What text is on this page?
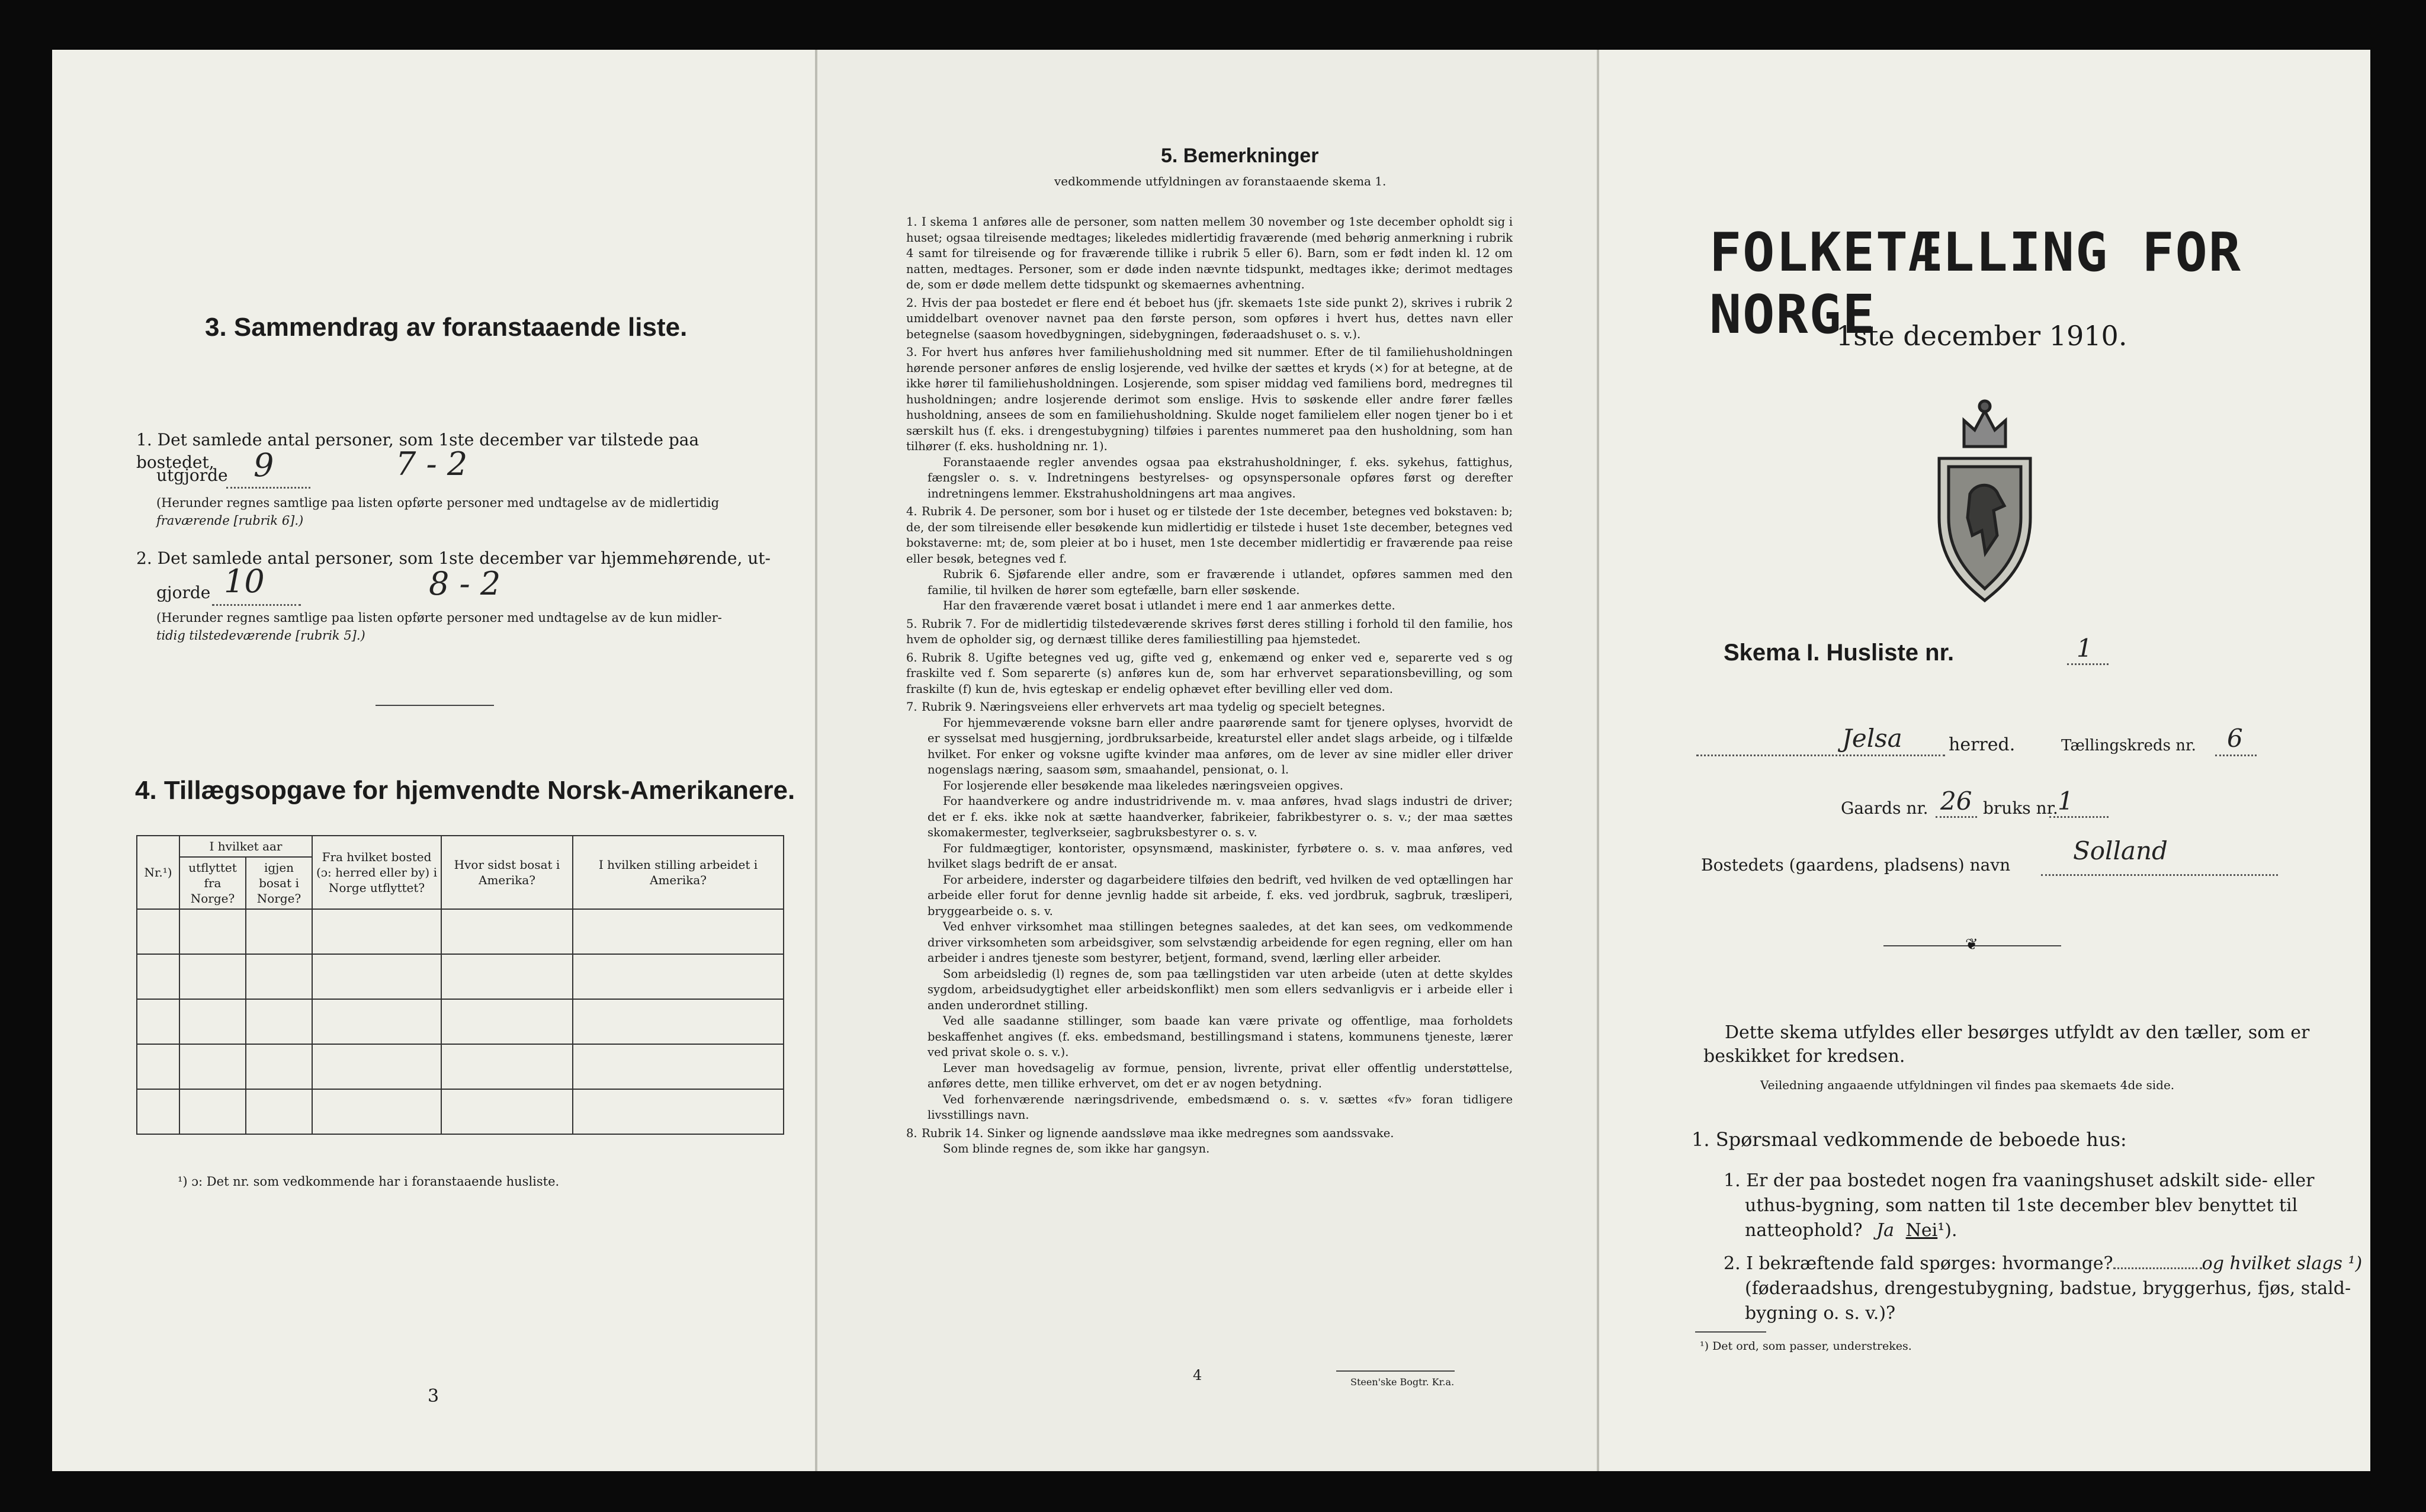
3. Sammendrag av foranstaaende liste.
1. Det samlede antal personer, som 1ste december var tilstede paa bostedet,
utgjorde 9	7 - 2
(Herunder regnes samtlige paa listen opførte personer med undtagelse av de midlertidig
fraværende [rubrik 6].)
2. Det samlede antal personer, som 1ste december var hjemmehørende, ut-
gjorde 10	8 - 2
(Herunder regnes samtlige paa listen opførte personer med undtagelse av de kun midler-
tidig tilstedeværende [rubrik 5].)
4. Tillægsopgave for hjemvendte Norsk-Amerikanere.
Nr.¹)	I hvilket aar		Fra hvilket bosted (ɔ: herred eller by) i Norge utflyttet?	Hvor sidst bosat i Amerika?	I hvilken stilling arbeidet i Amerika?
	utflyttet fra Norge?	igjen bosat i Norge?			

¹) ɔ: Det nr. som vedkommende har i foranstaaende husliste.
3
5. Bemerkninger
vedkommende utfyldningen av foranstaaende skema 1.

1. I skema 1 anføres alle de personer, som natten mellem 30 november og 1ste december opholdt sig i huset; ogsaa tilreisende medtages; likeledes midlertidig fraværende (med behørig anmerkning i rubrik 4 samt for tilreisende og for fraværende tillike i rubrik 5 eller 6). Barn, som er født inden kl. 12 om natten, medtages. Personer, som er døde inden nævnte tidspunkt, medtages ikke; derimot medtages de, som er døde mellem dette tidspunkt og skemaernes avhentning.

2. Hvis der paa bostedet er flere end ét beboet hus (jfr. skemaets 1ste side punkt 2), skrives i rubrik 2 umiddelbart ovenover navnet paa den første person, som opføres i hvert hus, dettes navn eller betegnelse (saasom hovedbygningen, sidebygningen, føderaadshuset o. s. v.).

3. For hvert hus anføres hver familiehusholdning med sit nummer. Efter de til familiehusholdningen hørende personer anføres de enslig losjerende, ved hvilke der sættes et kryds (×) for at betegne, at de ikke hører til familiehusholdningen. Losjerende, som spiser middag ved familiens bord, medregnes til husholdningen; andre losjerende derimot som enslige. Hvis to søskende eller andre fører fælles husholdning, ansees de som en familiehusholdning. Skulde noget familielem eller nogen tjener bo i et særskilt hus (f. eks. i drengestubygning) tilføies i parentes nummeret paa den husholdning, som han tilhører (f. eks. husholdning nr. 1).

Foranstaaende regler anvendes ogsaa paa ekstrahusholdninger, f. eks. sykehus, fattighus, fængsler o. s. v. Indretningens bestyrelses- og opsynspersonale opføres først og derefter indretningens lemmer. Ekstrahusholdningens art maa angives.

4. Rubrik 4. De personer, som bor i huset og er tilstede der 1ste december, betegnes ved bokstaven: b; de, der som tilreisende eller besøkende kun midlertidig er tilstede i huset 1ste december, betegnes ved bokstaverne: mt; de, som pleier at bo i huset, men 1ste december midlertidig er fraværende paa reise eller besøk, betegnes ved f.

Rubrik 6. Sjøfarende eller andre, som er fraværende i utlandet, opføres sammen med den familie, til hvilken de hører som egtefælle, barn eller søskende.

Har den fraværende været bosat i utlandet i mere end 1 aar anmerkes dette.

5. Rubrik 7. For de midlertidig tilstedeværende skrives først deres stilling i forhold til den familie, hos hvem de opholder sig, og dernæst tillike deres familiestilling paa hjemstedet.

6. Rubrik 8. Ugifte betegnes ved ug, gifte ved g, enkemænd og enker ved e, separerte ved s og fraskilte ved f. Som separerte (s) anføres kun de, som har erhvervet separationsbevilling, og som fraskilte (f) kun de, hvis egteskap er endelig ophævet efter bevilling eller ved dom.

7. Rubrik 9. Næringsveiens eller erhvervets art maa tydelig og specielt betegnes.

For hjemmeværende voksne barn eller andre paarørende samt for tjenere oplyses, hvorvidt de er sysselsat med husgjerning, jordbruksarbeide, kreaturstel eller andet slags arbeide, og i tilfælde hvilket. For enker og voksne ugifte kvinder maa anføres, om de lever av sine midler eller driver nogenslags næring, saasom søm, smaahandel, pensionat, o. l.

For losjerende eller besøkende maa likeledes næringsveien opgives.

For haandverkere og andre industridrivende m. v. maa anføres, hvad slags industri de driver; det er f. eks. ikke nok at sætte haandverker, fabrikeier, fabrikbestyrer o. s. v.; der maa sættes skomakermester, teglverkseier, sagbruksbestyrer o. s. v.

For fuldmægtiger, kontorister, opsynsmænd, maskinister, fyrbøtere o. s. v. maa anføres, ved hvilket slags bedrift de er ansat.

For arbeidere, inderster og dagarbeidere tilføies den bedrift, ved hvilken de ved optællingen har arbeide eller forut for denne jevnlig hadde sit arbeide, f. eks. ved jordbruk, sagbruk, træsliperi, bryggearbeide o. s. v.

Ved enhver virksomhet maa stillingen betegnes saaledes, at det kan sees, om vedkommende driver virksomheten som arbeidsgiver, som selvstændig arbeidende for egen regning, eller om han arbeider i andres tjeneste som bestyrer, betjent, formand, svend, lærling eller arbeider.

Som arbeidsledig (l) regnes de, som paa tællingstiden var uten arbeide (uten at dette skyldes sygdom, arbeidsudygtighet eller arbeidskonflikt) men som ellers sedvanligvis er i arbeide eller i anden underordnet stilling.

Ved alle saadanne stillinger, som baade kan være private og offentlige, maa forholdets beskaffenhet angives (f. eks. embedsmand, bestillingsmand i statens, kommunens tjeneste, lærer ved privat skole o. s. v.).

Lever man hovedsagelig av formue, pension, livrente, privat eller offentlig understøttelse, anføres dette, men tillike erhvervet, om det er av nogen betydning.

Ved forhenværende næringsdrivende, embedsmænd o. s. v. sættes «fv» foran tidligere livsstillings navn.

8. Rubrik 14. Sinker og lignende aandssløve maa ikke medregnes som aandssvake.

Som blinde regnes de, som ikke har gangsyn.

4	Steen'ske Bogtr. Kr.a.
FOLKETÆLLING FOR NORGE
1ste december 1910.
Skema I. Husliste nr.	1
Jelsa	herred.	Tællingskreds nr. 6
Gaards nr. 26 bruks nr. 1
Bostedets (gaardens, pladsens) navn	Solland
❦
Dette skema utfyldes eller besørges utfyldt av den tæller, som er
beskikket for kredsen.
Veiledning angaaende utfyldningen vil findes paa skemaets 4de side.
1. Spørsmaal vedkommende de beboede hus:
1. Er der paa bostedet nogen fra vaaningshuset adskilt side- eller
uthus-bygning, som natten til 1ste december blev benyttet til
natteophold? Ja Nei¹).
2. I bekræftende fald spørges: hvormange?	og hvilket slags ¹)
(føderaadshus, drengestubygning, badstue, bryggerhus, fjøs, stald-
bygning o. s. v.)?
¹) Det ord, som passer, understrekes.
